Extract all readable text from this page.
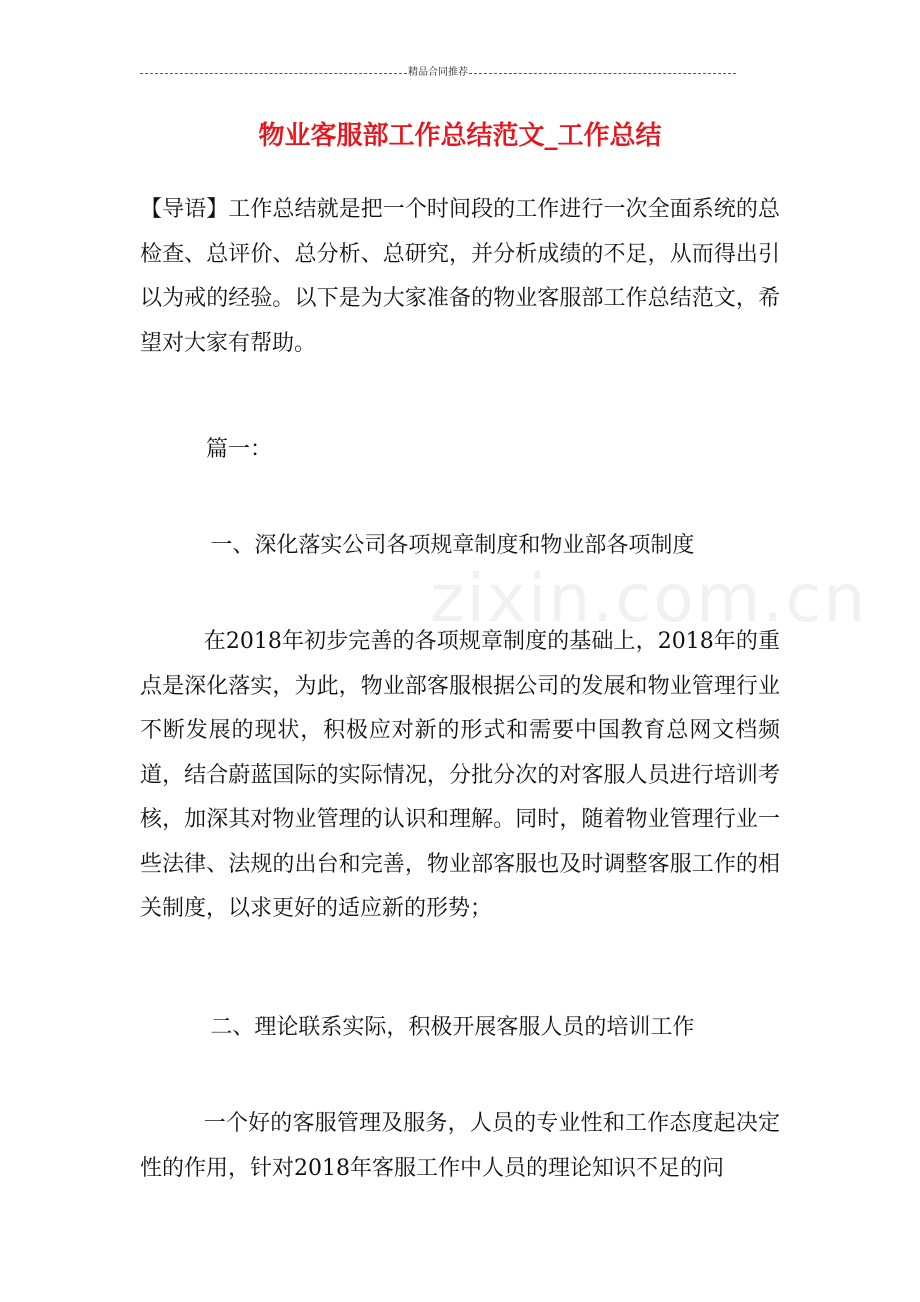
精品合同推荐
物业客服部工作总结范文_工作总结

【导语】工作总结就是把一个时间段的工作进行一次全面系统的总检查、总评价、总分析、总研究，并分析成绩的不足，从而得出引以为戒的经验。以下是为大家准备的物业客服部工作总结范文，希望对大家有帮助。

篇一：

一、深化落实公司各项规章制度和物业部各项制度

在2018年初步完善的各项规章制度的基础上，2018年的重点是深化落实，为此，物业部客服根据公司的发展和物业管理行业不断发展的现状，积极应对新的形式和需要中国教育总网文档频道，结合蔚蓝国际的实际情况，分批分次的对客服人员进行培训考核，加深其对物业管理的认识和理解。同时，随着物业管理行业一些法律、法规的出台和完善，物业部客服也及时调整客服工作的相关制度，以求更好的适应新的形势；

二、理论联系实际，积极开展客服人员的培训工作

一个好的客服管理及服务，人员的专业性和工作态度起决定性的作用，针对2018年客服工作中人员的理论知识不足的问

zixin.com.cn
